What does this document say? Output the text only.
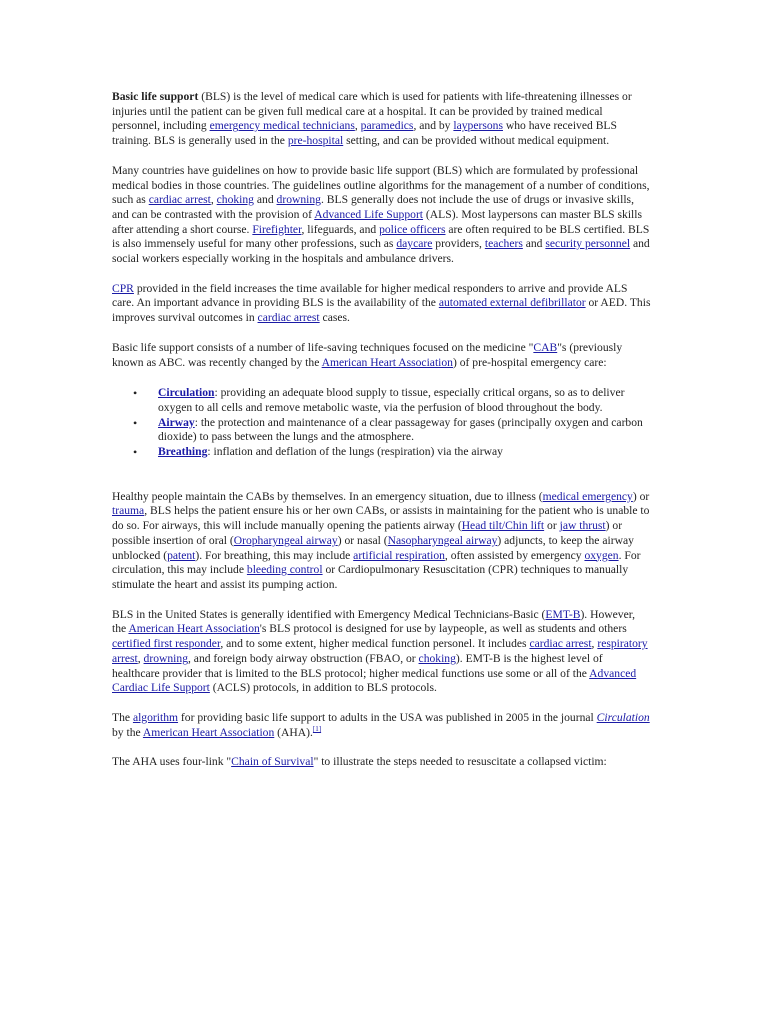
Basic life support (BLS) is the level of medical care which is used for patients with life-threatening illnesses or injuries until the patient can be given full medical care at a hospital. It can be provided by trained medical personnel, including emergency medical technicians, paramedics, and by laypersons who have received BLS training. BLS is generally used in the pre-hospital setting, and can be provided without medical equipment.

Many countries have guidelines on how to provide basic life support (BLS) which are formulated by professional medical bodies in those countries. The guidelines outline algorithms for the management of a number of conditions, such as cardiac arrest, choking and drowning. BLS generally does not include the use of drugs or invasive skills, and can be contrasted with the provision of Advanced Life Support (ALS). Most laypersons can master BLS skills after attending a short course. Firefighter, lifeguards, and police officers are often required to be BLS certified. BLS is also immensely useful for many other professions, such as daycare providers, teachers and security personnel and social workers especially working in the hospitals and ambulance drivers.

CPR provided in the field increases the time available for higher medical responders to arrive and provide ALS care. An important advance in providing BLS is the availability of the automated external defibrillator or AED. This improves survival outcomes in cardiac arrest cases.

Basic life support consists of a number of life-saving techniques focused on the medicine "CAB"s (previously known as ABC. was recently changed by the American Heart Association) of pre-hospital emergency care:

• Circulation: providing an adequate blood supply to tissue, especially critical organs, so as to deliver oxygen to all cells and remove metabolic waste, via the perfusion of blood throughout the body.
• Airway: the protection and maintenance of a clear passageway for gases (principally oxygen and carbon dioxide) to pass between the lungs and the atmosphere.
• Breathing: inflation and deflation of the lungs (respiration) via the airway

Healthy people maintain the CABs by themselves. In an emergency situation, due to illness (medical emergency) or trauma, BLS helps the patient ensure his or her own CABs, or assists in maintaining for the patient who is unable to do so. For airways, this will include manually opening the patients airway (Head tilt/Chin lift or jaw thrust) or possible insertion of oral (Oropharyngeal airway) or nasal (Nasopharyngeal airway) adjuncts, to keep the airway unblocked (patent). For breathing, this may include artificial respiration, often assisted by emergency oxygen. For circulation, this may include bleeding control or Cardiopulmonary Resuscitation (CPR) techniques to manually stimulate the heart and assist its pumping action.

BLS in the United States is generally identified with Emergency Medical Technicians-Basic (EMT-B). However, the American Heart Association's BLS protocol is designed for use by laypeople, as well as students and others certified first responder, and to some extent, higher medical function personel. It includes cardiac arrest, respiratory arrest, drowning, and foreign body airway obstruction (FBAO, or choking). EMT-B is the highest level of healthcare provider that is limited to the BLS protocol; higher medical functions use some or all of the Advanced Cardiac Life Support (ACLS) protocols, in addition to BLS protocols.

The algorithm for providing basic life support to adults in the USA was published in 2005 in the journal Circulation by the American Heart Association (AHA).[1]

The AHA uses four-link "Chain of Survival" to illustrate the steps needed to resuscitate a collapsed victim:
